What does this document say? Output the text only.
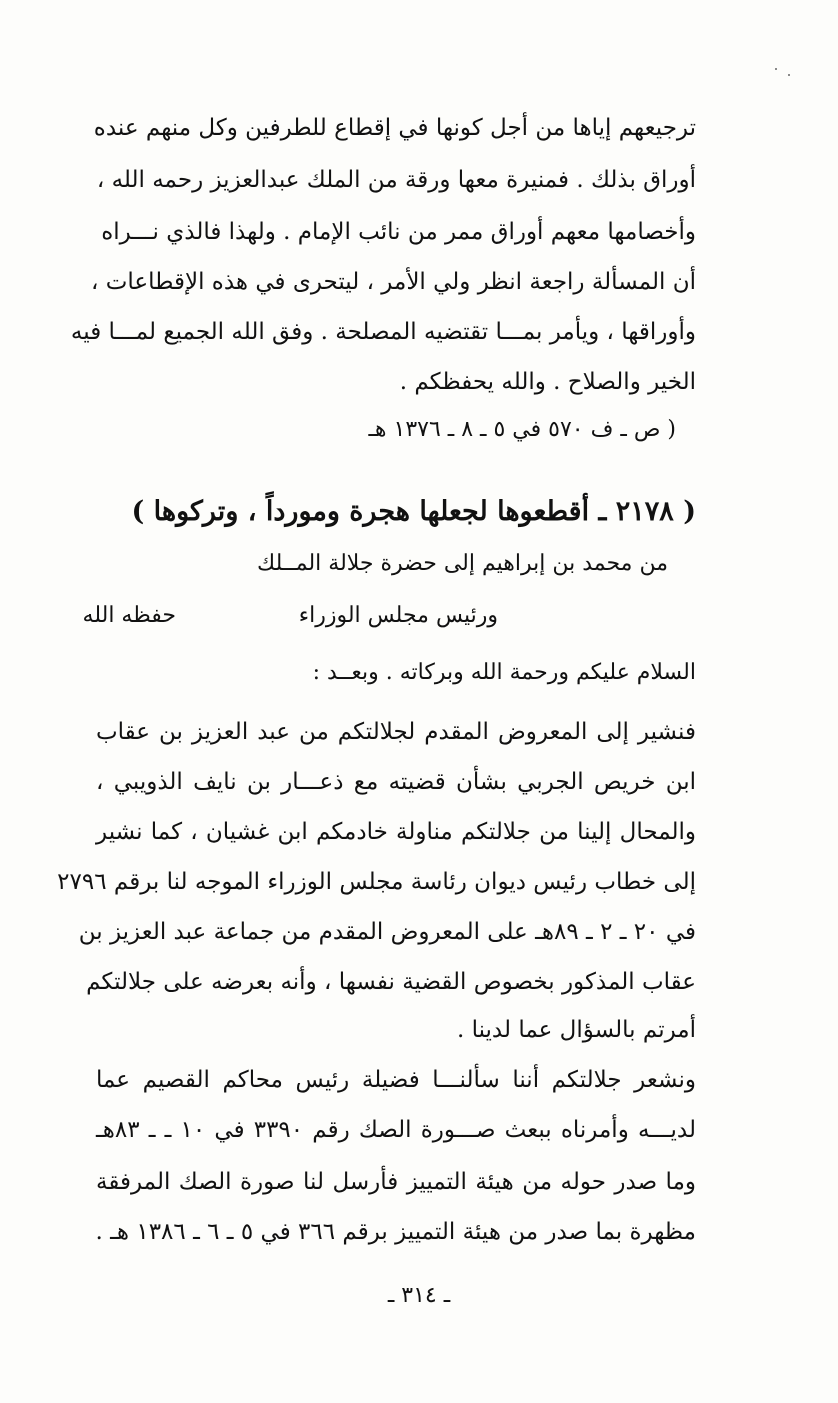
ترجيعهم إياها من أجل كونها في إقطاع للطرفين وكل منهم عنده
أوراق بذلك . فمنيرة معها ورقة من الملك عبدالعزيز رحمه الله ،
وأخصامها معهم أوراق ممر من نائب الإمام . ولهذا فالذي نـــراه
أن المسألة راجعة انظر ولي الأمر ، ليتحرى في هذه الإقطاعات ،
وأوراقها ، ويأمر بمـــا تقتضيه المصلحة . وفق الله الجميع لمـــا فيه
الخير والصلاح . والله يحفظكم .
( ص ـ ف ٥٧٠ في ٥ ـ ٨ ـ ١٣٧٦ هـ
( ٢١٧٨ ـ أقطعوها لجعلها هجرة ومورداً ، وتركوها )
من محمد بن إبراهيم إلى حضرة جلالة المــلك
ورئيس مجلس الوزراء
حفظه الله
السلام عليكم ورحمة الله وبركاته . وبعــد :
فنشير إلى المعروض المقدم لجلالتكم من عبد العزيز بن عقاب
ابن خريص الجربي بشأن قضيته مع ذعـــار بن نايف الذويبي ،
والمحال إلينا من جلالتكم مناولة خادمكم ابن غشيان ، كما نشير
إلى خطاب رئيس ديوان رئاسة مجلس الوزراء الموجه لنا برقم ٢٧٩٦
في ٢٠ ـ ٢ ـ ٨٩هـ على المعروض المقدم من جماعة عبد العزيز بن
عقاب المذكور بخصوص القضية نفسها ، وأنه بعرضه على جلالتكم
أمرتم بالسؤال عما لدينا .
ونشعر جلالتكم أننا سألنـــا فضيلة رئيس محاكم القصيم عما
لديـــه وأمرناه ببعث صـــورة الصك رقم ٣٣٩٠ في ١٠ ـ ـ ٨٣هـ
وما صدر حوله من هيئة التمييز فأرسل لنا صورة الصك المرفقة
مظهرة بما صدر من هيئة التمييز برقم ٣٦٦ في ٥ ـ ٦ ـ ١٣٨٦ هـ .
ـ ٣١٤ ـ
